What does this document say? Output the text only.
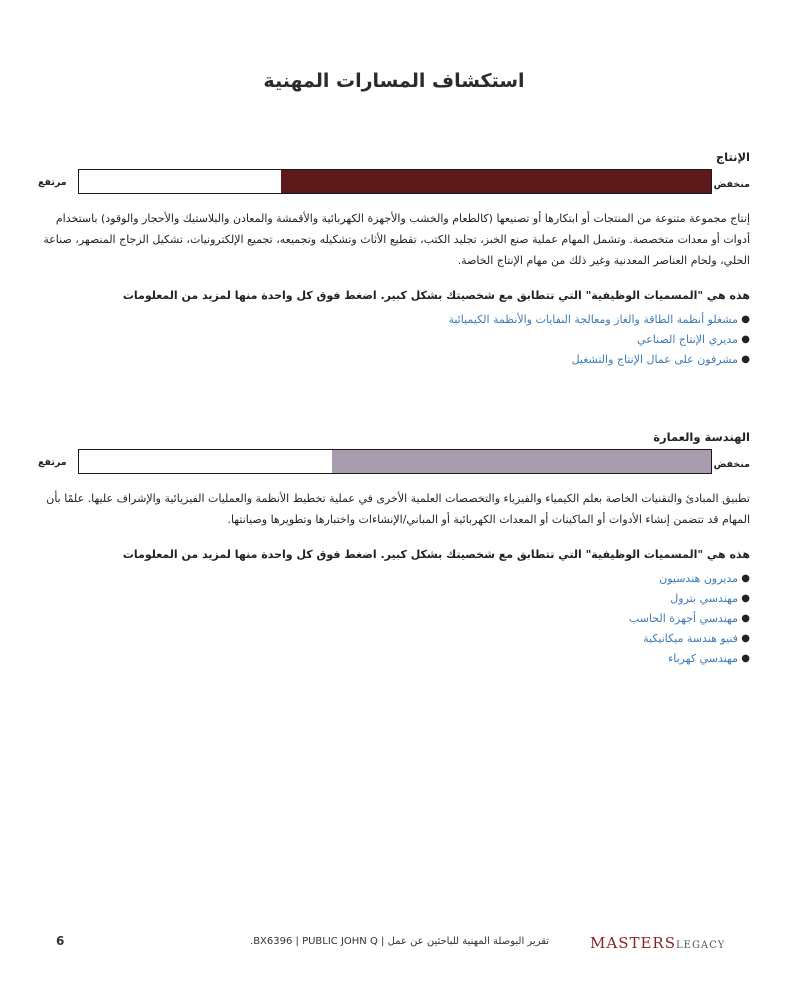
استكشاف المسارات المهنية
الإنتاج
منخفض
مرتفع
إنتاج مجموعة متنوعة من المنتجات أو ابتكارها أو تصنيعها (كالطعام والخشب والأجهزة الكهربائية والأقمشة والمعادن والبلاستيك والأحجار والوقود) باستخدام أدوات أو معدات متخصصة. وتشمل المهام عملية صنع الخبز، تجليد الكتب، تقطيع الأثاث وتشكيله وتجميعه، تجميع الإلكترونيات، تشكيل الزجاج المنصهر، صناعة الحلي، ولحام العناصر المعدنية وغير ذلك من مهام الإنتاج الخاصة.
هذه هي "المسميات الوظيفية" التي تتطابق مع شخصيتك بشكل كبير. اضغط فوق كل واحدة منها لمزيد من المعلومات
●
مشغلو أنظمة الطاقة والغاز ومعالجة النفايات والأنظمة الكيميائية
●
مديري الإنتاج الصناعي
●
مشرفون على عمال الإنتاج والتشغيل
الهندسة والعمارة
منخفض
مرتفع
تطبيق المبادئ والتقنيات الخاصة بعلم الكيمياء والفيزياء والتخصصات العلمية الأخرى في عملية تخطيط الأنظمة والعمليات الفيزيائية والإشراف عليها. علمًا بأن المهام قد تتضمن إنشاء الأدوات أو الماكينات أو المعدات الكهربائية أو المباني/الإنشاءات واختبارها وتطويرها وصيانتها.
هذه هي "المسميات الوظيفية" التي تتطابق مع شخصيتك بشكل كبير. اضغط فوق كل واحدة منها لمزيد من المعلومات
●
مديرون هندسيون
●
مهندسي بترول
●
مهندسي أجهزة الحاسب
●
فنيو هندسة ميكانيكية
●
مهندسي كهرباء
6	تقرير البوصلة المهنية للباحثين عن عمل | BX6396 | PUBLIC JOHN Q.	MASTERSLEGACY
